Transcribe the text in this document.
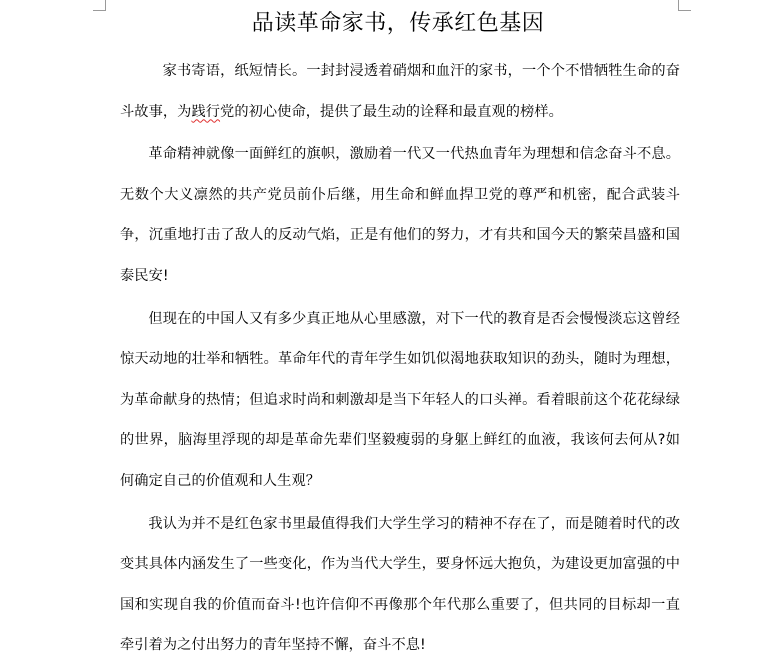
品读革命家书，传承红色基因

家书寄语，纸短情长。一封封浸透着硝烟和血汗的家书，一个个不惜牺牲生命的奋斗故事，为践行党的初心使命，提供了最生动的诠释和最直观的榜样。

革命精神就像一面鲜红的旗帜，激励着一代又一代热血青年为理想和信念奋斗不息。无数个大义凛然的共产党员前仆后继，用生命和鲜血捍卫党的尊严和机密，配合武装斗争，沉重地打击了敌人的反动气焰，正是有他们的努力，才有共和国今天的繁荣昌盛和国泰民安!

但现在的中国人又有多少真正地从心里感激，对下一代的教育是否会慢慢淡忘这曾经惊天动地的壮举和牺牲。革命年代的青年学生如饥似渴地获取知识的劲头，随时为理想，为革命献身的热情；但追求时尚和刺激却是当下年轻人的口头禅。看着眼前这个花花绿绿的世界，脑海里浮现的却是革命先辈们坚毅瘦弱的身躯上鲜红的血液，我该何去何从?如何确定自己的价值观和人生观？

我认为并不是红色家书里最值得我们大学生学习的精神不存在了，而是随着时代的改变其具体内涵发生了一些变化，作为当代大学生，要身怀远大抱负，为建设更加富强的中国和实现自我的价值而奋斗!也许信仰不再像那个年代那么重要了，但共同的目标却一直牵引着为之付出努力的青年坚持不懈，奋斗不息!
